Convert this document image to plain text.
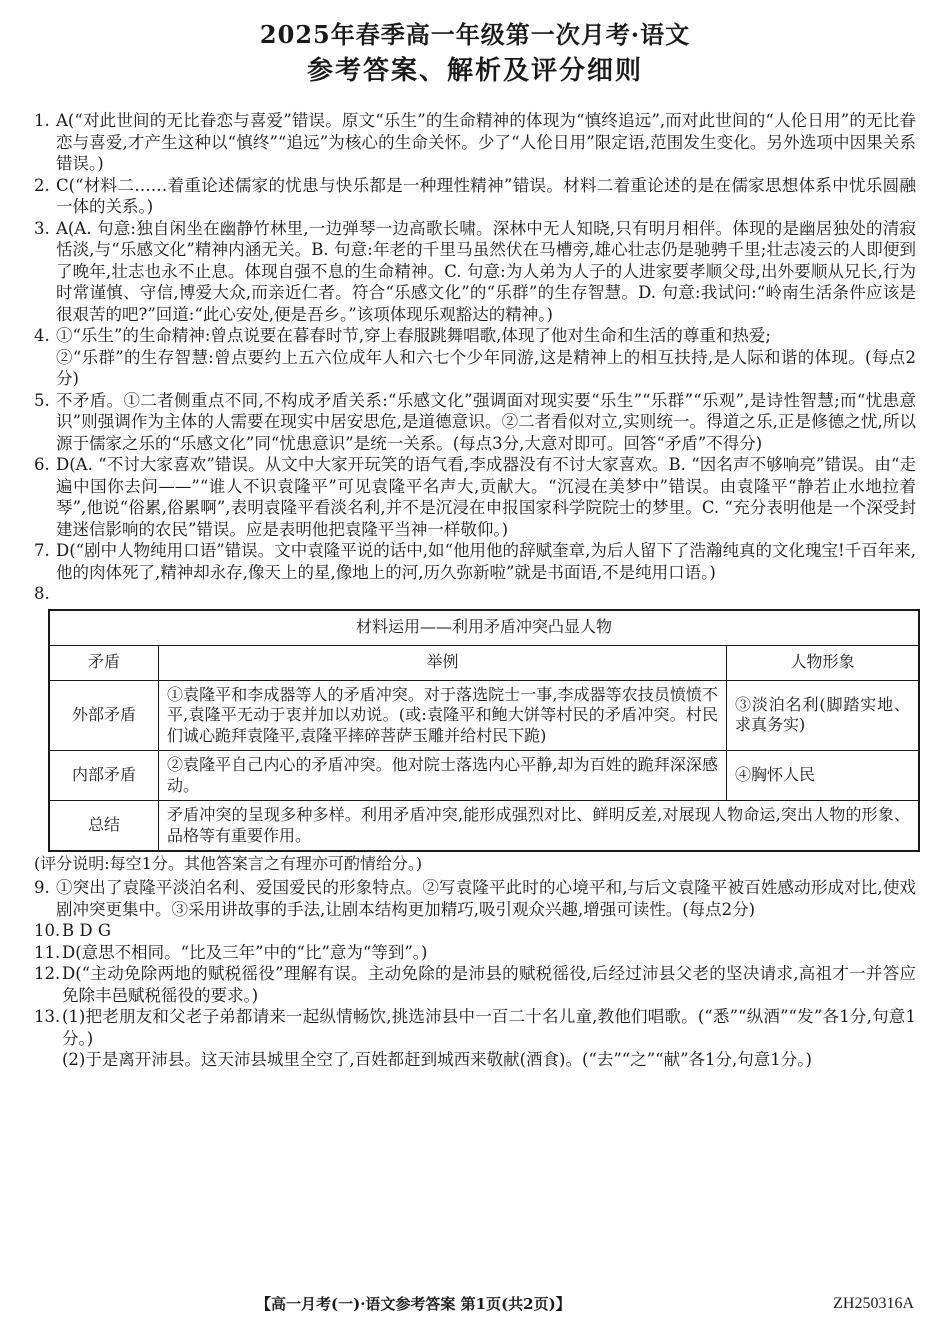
2025年春季高一年级第一次月考·语文
参考答案、解析及评分细则
1. A(“对此世间的无比眷恋与喜爱”错误。原文“乐生”的生命精神的体现为“慎终追远”,而对此世间的“人伦日用”的无比眷恋与喜爱,才产生这种以“慎终”“追远”为核心的生命关怀。少了“人伦日用”限定语,范围发生变化。另外选项中因果关系错误。)
2. C(“材料二……着重论述儒家的忧患与快乐都是一种理性精神”错误。材料二着重论述的是在儒家思想体系中忧乐圆融一体的关系。)
3. A(A. 句意:独自闲坐在幽静竹林里,一边弹琴一边高歌长啸。深林中无人知晓,只有明月相伴。体现的是幽居独处的清寂恬淡,与“乐感文化”精神内涵无关。B. 句意:年老的千里马虽然伏在马槽旁,雄心壮志仍是驰骋千里;壮志凌云的人即便到了晚年,壮志也永不止息。体现自强不息的生命精神。C. 句意:为人弟为人子的人进家要孝顺父母,出外要顺从兄长,行为时常谨慎、守信,博爱大众,而亲近仁者。符合“乐感文化”的“乐群”的生存智慧。D. 句意:我试问:“岭南生活条件应该是很艰苦的吧?”回道:“此心安处,便是吾乡。”该项体现乐观豁达的精神。)
4. ①“乐生”的生命精神:曾点说要在暮春时节,穿上春服跳舞唱歌,体现了他对生命和生活的尊重和热爱;
②“乐群”的生存智慧:曾点要约上五六位成年人和六七个少年同游,这是精神上的相互扶持,是人际和谐的体现。(每点2分)
5. 不矛盾。①二者侧重点不同,不构成矛盾关系:“乐感文化”强调面对现实要“乐生”“乐群”“乐观”,是诗性智慧;而“忧患意识”则强调作为主体的人需要在现实中居安思危,是道德意识。②二者看似对立,实则统一。得道之乐,正是修德之忧,所以源于儒家之乐的“乐感文化”同“忧患意识”是统一关系。(每点3分,大意对即可。回答“矛盾”不得分)
6. D(A. “不讨大家喜欢”错误。从文中大家开玩笑的语气看,李成器没有不讨大家喜欢。B. “因名声不够响亮”错误。由“走遍中国你去问——”“谁人不识袁隆平”可见袁隆平名声大,贡献大。“沉浸在美梦中”错误。由袁隆平“静若止水地拉着琴”,他说“俗累,俗累啊”,表明袁隆平看淡名利,并不是沉浸在申报国家科学院院士的梦里。C. “充分表明他是一个深受封建迷信影响的农民”错误。应是表明他把袁隆平当神一样敬仰。)
7. D(“剧中人物纯用口语”错误。文中袁隆平说的话中,如“他用他的辞赋奎章,为后人留下了浩瀚纯真的文化瑰宝!千百年来,他的肉体死了,精神却永存,像天上的星,像地上的河,历久弥新啦”就是书面语,不是纯用口语。)
8.
材料运用——利用矛盾冲突凸显人物		
矛盾	举例	人物形象
外部矛盾	①袁隆平和李成器等人的矛盾冲突。对于落选院士一事,李成器等农技员愤愤不平,袁隆平无动于衷并加以劝说。(或:袁隆平和鲍大饼等村民的矛盾冲突。村民们诚心跪拜袁隆平,袁隆平摔碎菩萨玉雕并给村民下跪)	③淡泊名利(脚踏实地、求真务实)
内部矛盾	②袁隆平自己内心的矛盾冲突。他对院士落选内心平静,却为百姓的跪拜深深感动。	④胸怀人民
总结	矛盾冲突的呈现多种多样。利用矛盾冲突,能形成强烈对比、鲜明反差,对展现人物命运,突出人物的形象、品格等有重要作用。	
(评分说明:每空1分。其他答案言之有理亦可酌情给分。)
9. ①突出了袁隆平淡泊名利、爱国爱民的形象特点。②写袁隆平此时的心境平和,与后文袁隆平被百姓感动形成对比,使戏剧冲突更集中。③采用讲故事的手法,让剧本结构更加精巧,吸引观众兴趣,增强可读性。(每点2分)
10. B D G
11. D(意思不相同。“比及三年”中的“比”意为“等到”。)
12. D(“主动免除两地的赋税徭役”理解有误。主动免除的是沛县的赋税徭役,后经过沛县父老的坚决请求,高祖才一并答应免除丰邑赋税徭役的要求。)
13. (1)把老朋友和父老子弟都请来一起纵情畅饮,挑选沛县中一百二十名儿童,教他们唱歌。(“悉”“纵酒”“发”各1分,句意1分。)
(2)于是离开沛县。这天沛县城里全空了,百姓都赶到城西来敬献(酒食)。(“去”“之”“献”各1分,句意1分。)
【高一月考(一)·语文参考答案 第1页(共2页)】	ZH250316A
